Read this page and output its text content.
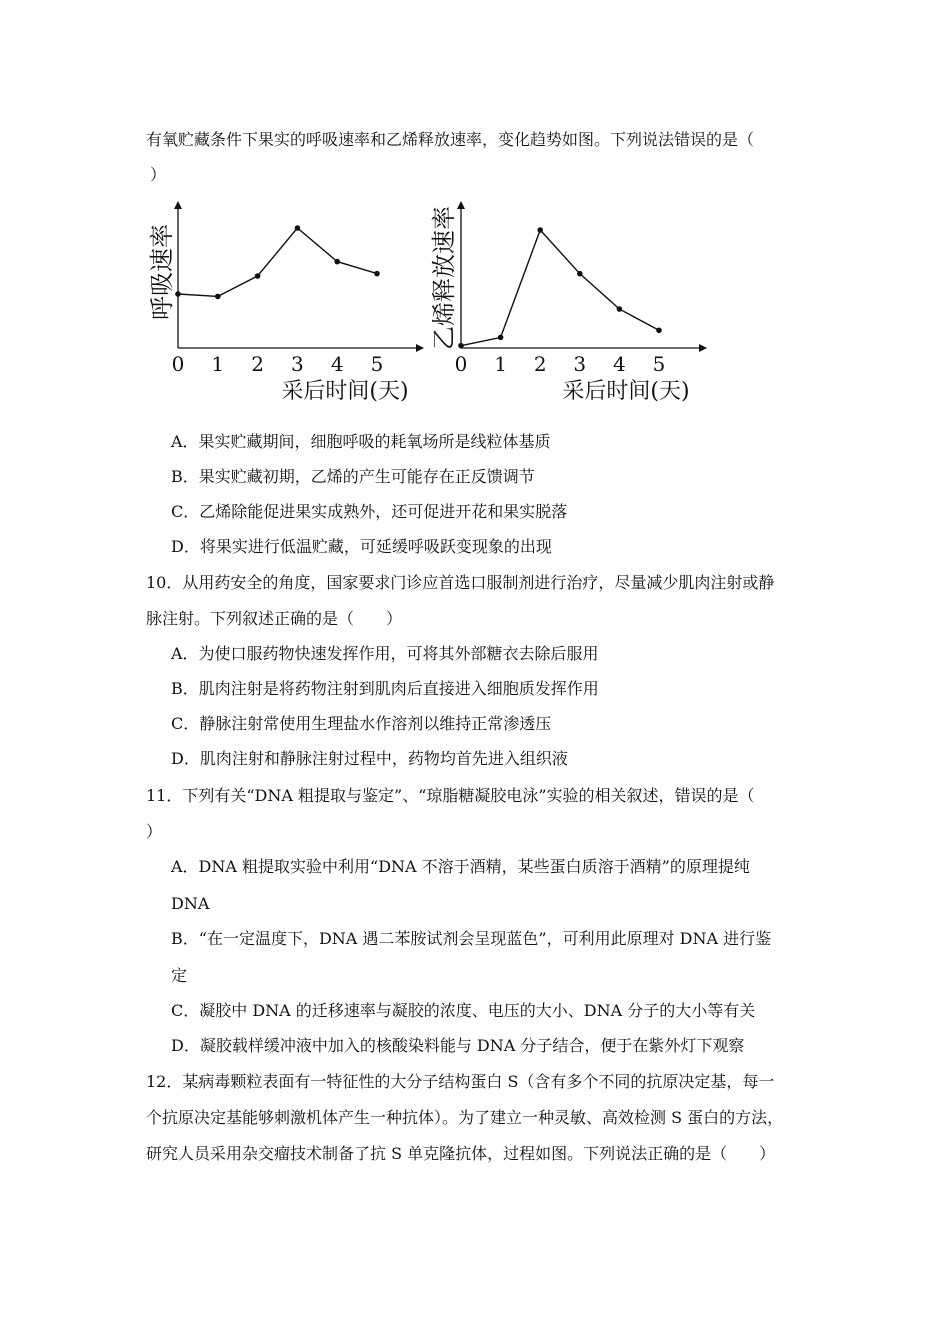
有氧贮藏条件下果实的呼吸速率和乙烯释放速率，变化趋势如图。下列说法错误的是（
）
0 1 2 3 4 5
采后时间(天)
呼吸速率
0 1 2 3 4 5
采后时间(天)
乙烯释放速率
A．果实贮藏期间，细胞呼吸的耗氧场所是线粒体基质
B．果实贮藏初期，乙烯的产生可能存在正反馈调节
C．乙烯除能促进果实成熟外，还可促进开花和果实脱落
D．将果实进行低温贮藏，可延缓呼吸跃变现象的出现
10．从用药安全的角度，国家要求门诊应首选口服制剂进行治疗，尽量减少肌肉注射或静
脉注射。下列叙述正确的是（　　）
A．为使口服药物快速发挥作用，可将其外部糖衣去除后服用
B．肌肉注射是将药物注射到肌肉后直接进入细胞质发挥作用
C．静脉注射常使用生理盐水作溶剂以维持正常渗透压
D．肌肉注射和静脉注射过程中，药物均首先进入组织液
11．下列有关“DNA 粗提取与鉴定”、“琼脂糖凝胶电泳”实验的相关叙述，错误的是（
）
A．DNA 粗提取实验中利用“DNA 不溶于酒精，某些蛋白质溶于酒精”的原理提纯
DNA
B．“在一定温度下，DNA 遇二苯胺试剂会呈现蓝色”，可利用此原理对 DNA 进行鉴
定
C．凝胶中 DNA 的迁移速率与凝胶的浓度、电压的大小、DNA 分子的大小等有关
D．凝胶载样缓冲液中加入的核酸染料能与 DNA 分子结合，便于在紫外灯下观察
12．某病毒颗粒表面有一特征性的大分子结构蛋白 S（含有多个不同的抗原决定基，每一
个抗原决定基能够刺激机体产生一种抗体）。为了建立一种灵敏、高效检测 S 蛋白的方法，
研究人员采用杂交瘤技术制备了抗 S 单克隆抗体，过程如图。下列说法正确的是（　　）
